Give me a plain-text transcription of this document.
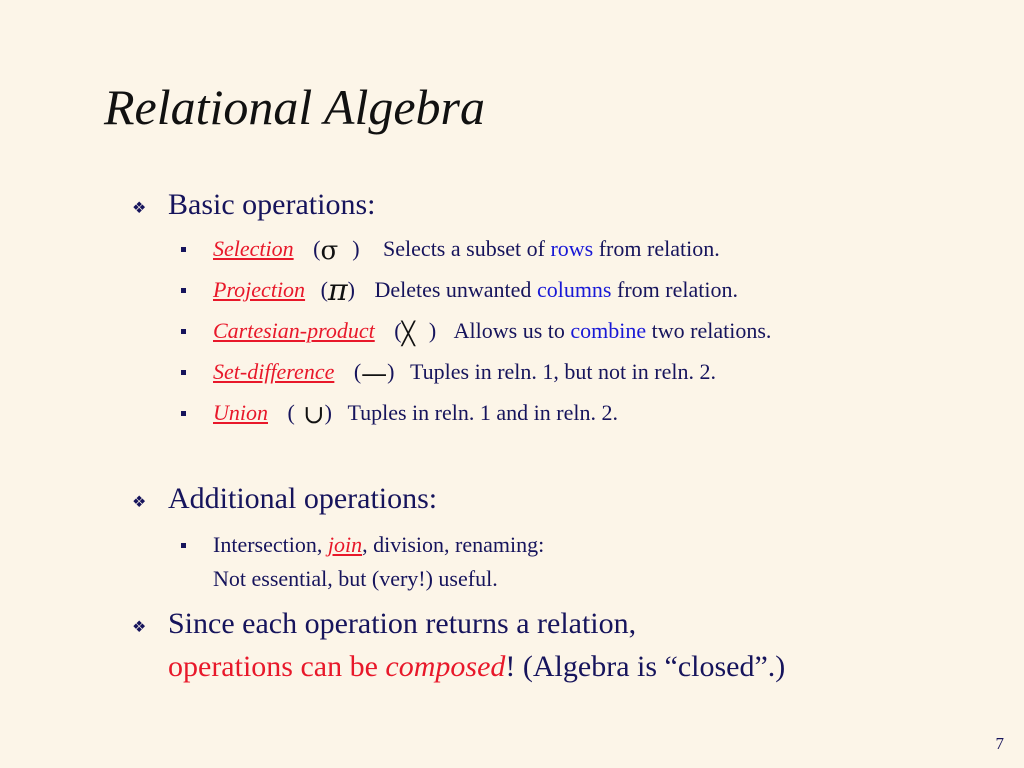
Relational Algebra
❖ Basic operations:
Selection (σ ) Selects a subset of rows from relation.
Projection (π) Deletes unwanted columns from relation.
Cartesian-product (╳ ) Allows us to combine two relations.
Set-difference (—) Tuples in reln. 1, but not in reln. 2.
Union ( ∪) Tuples in reln. 1 and in reln. 2.
❖ Additional operations:
Intersection, join, division, renaming:
Not essential, but (very!) useful.
❖ Since each operation returns a relation,
operations can be composed! (Algebra is “closed”.)
7
